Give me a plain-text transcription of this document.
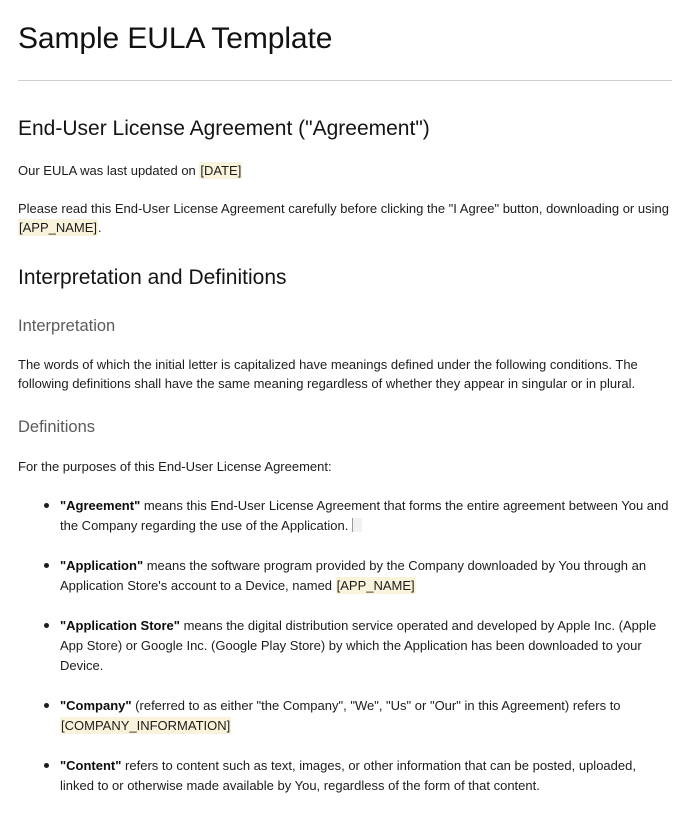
Sample EULA Template
End-User License Agreement ("Agreement")

Our EULA was last updated on [DATE]

Please read this End-User License Agreement carefully before clicking the "I Agree" button, downloading or using [APP_NAME].

Interpretation and Definitions
Interpretation

The words of which the initial letter is capitalized have meanings defined under the following conditions. The following definitions shall have the same meaning regardless of whether they appear in singular or in plural.

Definitions

For the purposes of this End-User License Agreement:

"Agreement" means this End-User License Agreement that forms the entire agreement between You and the Company regarding the use of the Application.
"Application" means the software program provided by the Company downloaded by You through an Application Store's account to a Device, named [APP_NAME]
"Application Store" means the digital distribution service operated and developed by Apple Inc. (Apple App Store) or Google Inc. (Google Play Store) by which the Application has been downloaded to your Device.
"Company" (referred to as either "the Company", "We", "Us" or "Our" in this Agreement) refers to [COMPANY_INFORMATION]
"Content" refers to content such as text, images, or other information that can be posted, uploaded, linked to or otherwise made available by You, regardless of the form of that content.
